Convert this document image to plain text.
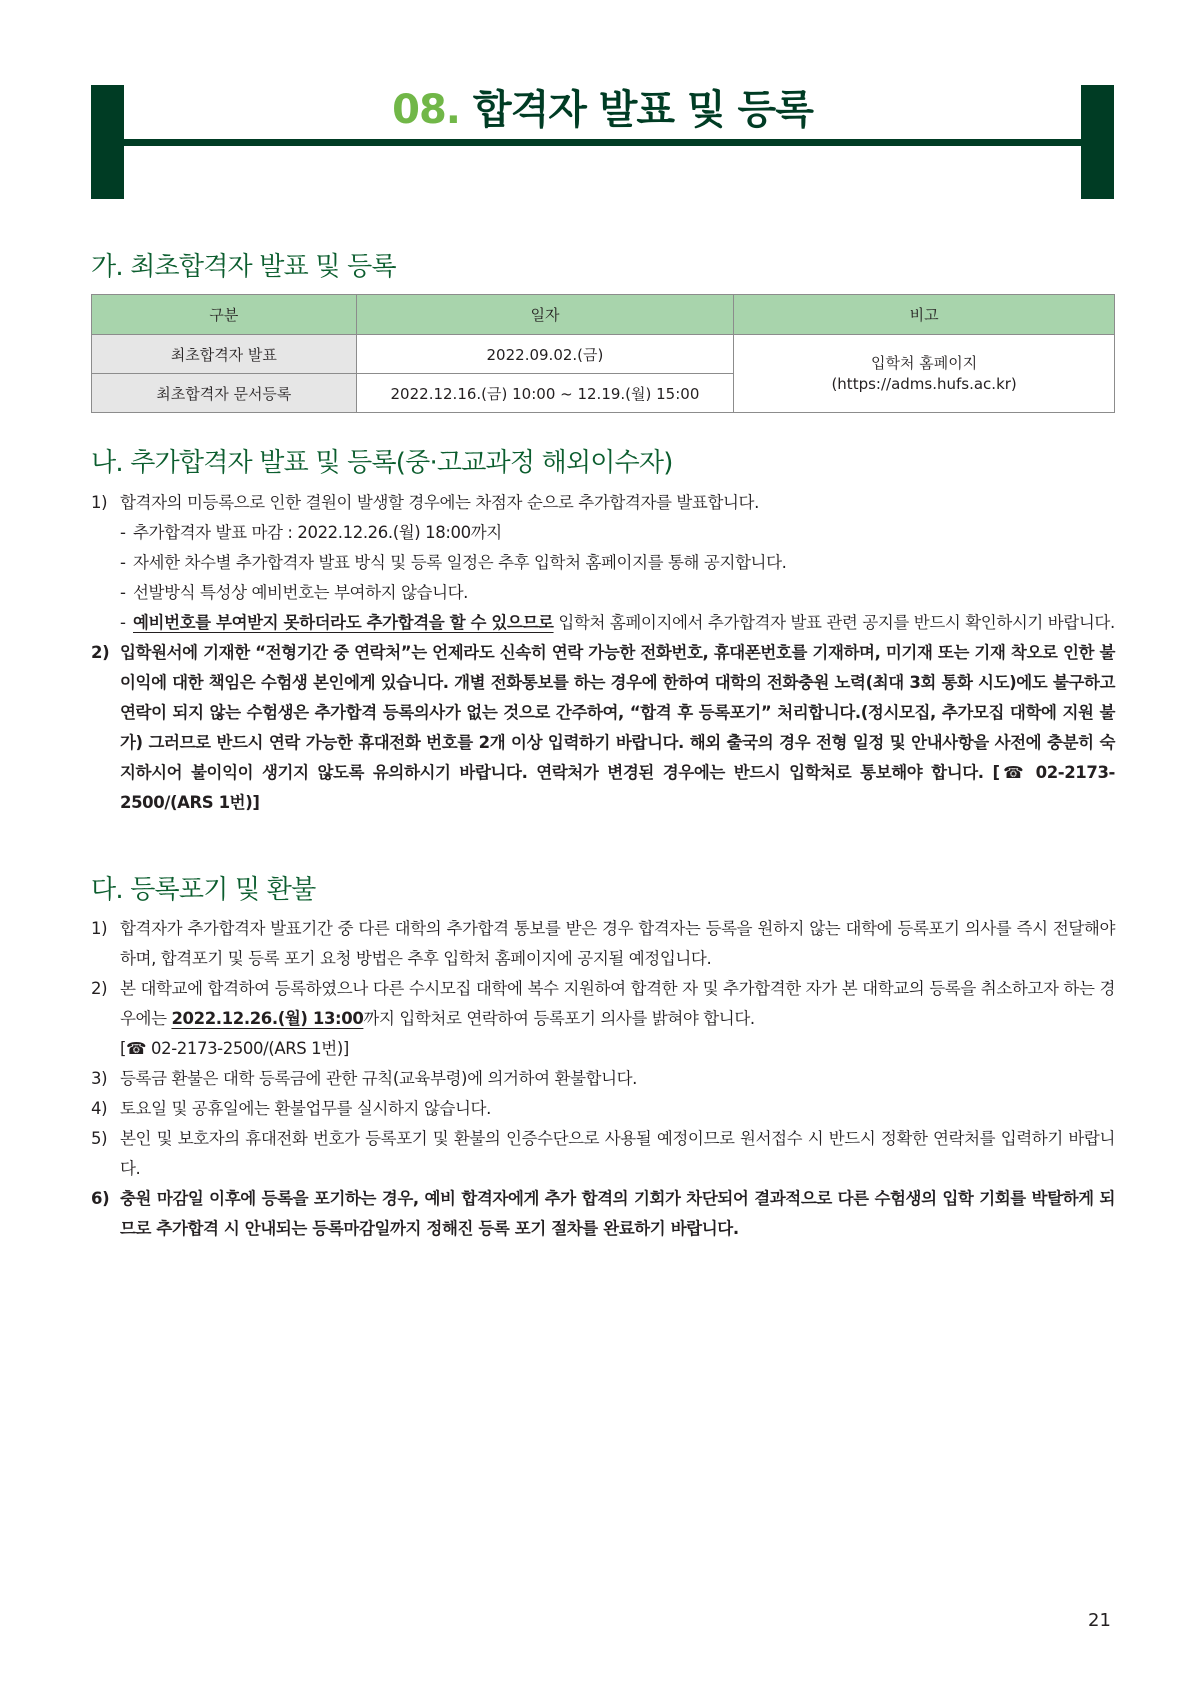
08. 합격자 발표 및 등록
가. 최초합격자 발표 및 등록
구분	일자	비고
최초합격자 발표	2022.09.02.(금)	입학처 홈페이지
(https://adms.hufs.ac.kr)

최초합격자 문서등록	2022.12.16.(금) 10:00 ~ 12.19.(월) 15:00	
나. 추가합격자 발표 및 등록(중·고교과정 해외이수자)
1) 합격자의 미등록으로 인한 결원이 발생할 경우에는 차점자 순으로 추가합격자를 발표합니다.
- 추가합격자 발표 마감 : 2022.12.26.(월) 18:00까지
- 자세한 차수별 추가합격자 발표 방식 및 등록 일정은 추후 입학처 홈페이지를 통해 공지합니다.
- 선발방식 특성상 예비번호는 부여하지 않습니다.
- 예비번호를 부여받지 못하더라도 추가합격을 할 수 있으므로 입학처 홈페이지에서 추가합격자 발표 관련 공지를 반드시 확인하시기 바랍니다.
2) 입학원서에 기재한 “전형기간 중 연락처”는 언제라도 신속히 연락 가능한 전화번호, 휴대폰번호를 기재하며, 미기재 또는 기재 착오로 인한 불이익에 대한 책임은 수험생 본인에게 있습니다. 개별 전화통보를 하는 경우에 한하여 대학의 전화충원 노력(최대 3회 통화 시도)에도 불구하고 연락이 되지 않는 수험생은 추가합격 등록의사가 없는 것으로 간주하여, “합격 후 등록포기” 처리합니다.(정시모집, 추가모집 대학에 지원 불가) 그러므로 반드시 연락 가능한 휴대전화 번호를 2개 이상 입력하기 바랍니다. 해외 출국의 경우 전형 일정 및 안내사항을 사전에 충분히 숙지하시어 불이익이 생기지 않도록 유의하시기 바랍니다. 연락처가 변경된 경우에는 반드시 입학처로 통보해야 합니다. [☎ 02-2173-2500/(ARS 1번)]
다. 등록포기 및 환불
1) 합격자가 추가합격자 발표기간 중 다른 대학의 추가합격 통보를 받은 경우 합격자는 등록을 원하지 않는 대학에 등록포기 의사를 즉시 전달해야 하며, 합격포기 및 등록 포기 요청 방법은 추후 입학처 홈페이지에 공지될 예정입니다.
2) 본 대학교에 합격하여 등록하였으나 다른 수시모집 대학에 복수 지원하여 합격한 자 및 추가합격한 자가 본 대학교의 등록을 취소하고자 하는 경우에는 2022.12.26.(월) 13:00까지 입학처로 연락하여 등록포기 의사를 밝혀야 합니다.
[☎ 02-2173-2500/(ARS 1번)]
3) 등록금 환불은 대학 등록금에 관한 규칙(교육부령)에 의거하여 환불합니다.
4) 토요일 및 공휴일에는 환불업무를 실시하지 않습니다.
5) 본인 및 보호자의 휴대전화 번호가 등록포기 및 환불의 인증수단으로 사용될 예정이므로 원서접수 시 반드시 정확한 연락처를 입력하기 바랍니다.
6) 충원 마감일 이후에 등록을 포기하는 경우, 예비 합격자에게 추가 합격의 기회가 차단되어 결과적으로 다른 수험생의 입학 기회를 박탈하게 되므로 추가합격 시 안내되는 등록마감일까지 정해진 등록 포기 절차를 완료하기 바랍니다.
21
